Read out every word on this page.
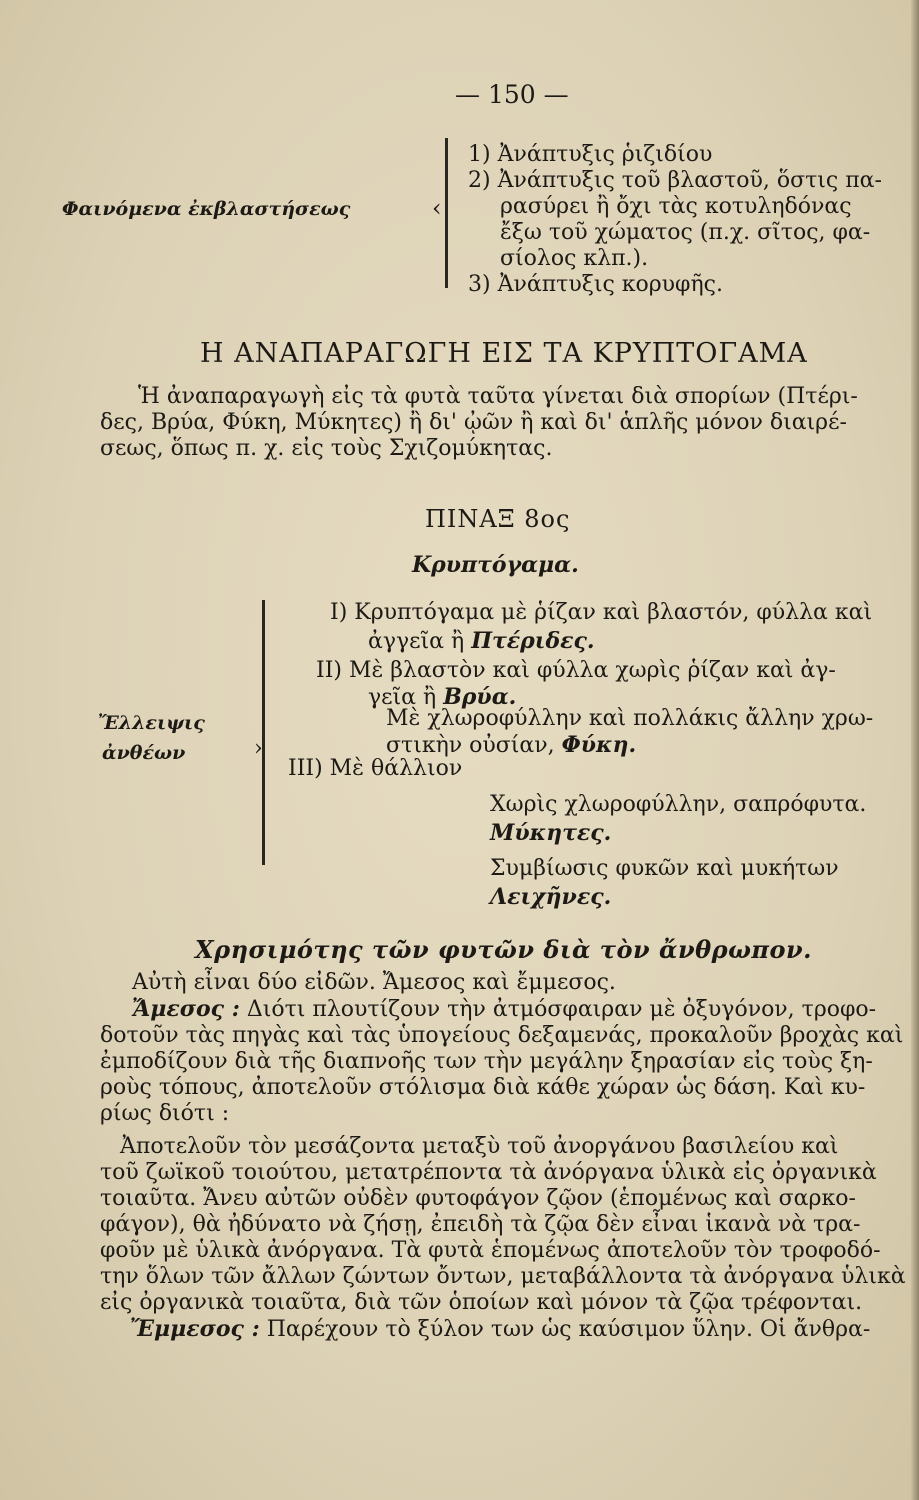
— 150 —
Φαινόμενα ἐκβλαστήσεως	‹
1) Ἀνάπτυξις ῥιζιδίου
2) Ἀνάπτυξις τοῦ βλαστοῦ, ὅστις πα-
ρασύρει ἢ ὄχι τὰς κοτυληδόνας
ἔξω τοῦ χώματος (π.χ. σῖτος, φα-
σίολος κλπ.).
3) Ἀνάπτυξις κορυφῆς.
Η ΑΝΑΠΑΡΑΓΩΓΗ ΕΙΣ ΤΑ ΚΡΥΠΤΟΓΑΜΑ
Ἡ ἀναπαραγωγὴ εἰς τὰ φυτὰ ταῦτα γίνεται διὰ σπορίων (Πτέρι-
δες, Βρύα, Φύκη, Μύκητες) ἢ δι' ᾠῶν ἢ καὶ δι' ἁπλῆς μόνον διαιρέ-
σεως, ὅπως π. χ. εἰς τοὺς Σχιζομύκητας.
ΠΙΝΑΞ 8ος
Κρυπτόγαμα.
Ἔλλειψις
ἀνθέων	›
I) Κρυπτόγαμα μὲ ῥίζαν καὶ βλαστόν, φύλλα καὶ
ἀγγεῖα ἢ Πτέριδες.
II) Μὲ βλαστὸν καὶ φύλλα χωρὶς ῥίζαν καὶ ἀγ-
γεῖα ἢ Βρύα.
Μὲ χλωροφύλλην καὶ πολλάκις ἄλλην χρω-
στικὴν οὐσίαν, Φύκη.
III) Μὲ θάλλιον
Χωρὶς χλωροφύλλην, σαπρόφυτα.
Μύκητες.
Συμβίωσις φυκῶν καὶ μυκήτων
Λειχῆνες.
Χρησιμότης τῶν φυτῶν διὰ τὸν ἄνθρωπον.
Αὐτὴ εἶναι δύο εἰδῶν. Ἄμεσος καὶ ἔμμεσος.
Ἄμεσος : Διότι πλουτίζουν τὴν ἀτμόσφαιραν μὲ ὀξυγόνον, τροφο-
δοτοῦν τὰς πηγὰς καὶ τὰς ὑπογείους δεξαμενάς, προκαλοῦν βροχὰς καὶ
ἐμποδίζουν διὰ τῆς διαπνοῆς των τὴν μεγάλην ξηρασίαν εἰς τοὺς ξη-
ροὺς τόπους, ἀποτελοῦν στόλισμα διὰ κάθε χώραν ὡς δάση. Καὶ κυ-
ρίως διότι :
Ἀποτελοῦν τὸν μεσάζοντα μεταξὺ τοῦ ἀνοργάνου βασιλείου καὶ
τοῦ ζωϊκοῦ τοιούτου, μετατρέποντα τὰ ἀνόργανα ὑλικὰ εἰς ὀργανικὰ
τοιαῦτα. Ἄνευ αὐτῶν οὐδὲν φυτοφάγον ζῷον (ἑπομένως καὶ σαρκο-
φάγον), θὰ ἠδύνατο νὰ ζήσῃ, ἐπειδὴ τὰ ζῷα δὲν εἶναι ἱκανὰ νὰ τρα-
φοῦν μὲ ὑλικὰ ἀνόργανα. Τὰ φυτὰ ἑπομένως ἀποτελοῦν τὸν τροφοδό-
την ὅλων τῶν ἄλλων ζώντων ὄντων, μεταβάλλοντα τὰ ἀνόργανα ὑλικὰ
εἰς ὀργανικὰ τοιαῦτα, διὰ τῶν ὁποίων καὶ μόνον τὰ ζῷα τρέφονται.
Ἔμμεσος : Παρέχουν τὸ ξύλον των ὡς καύσιμον ὕλην. Οἱ ἄνθρα-
